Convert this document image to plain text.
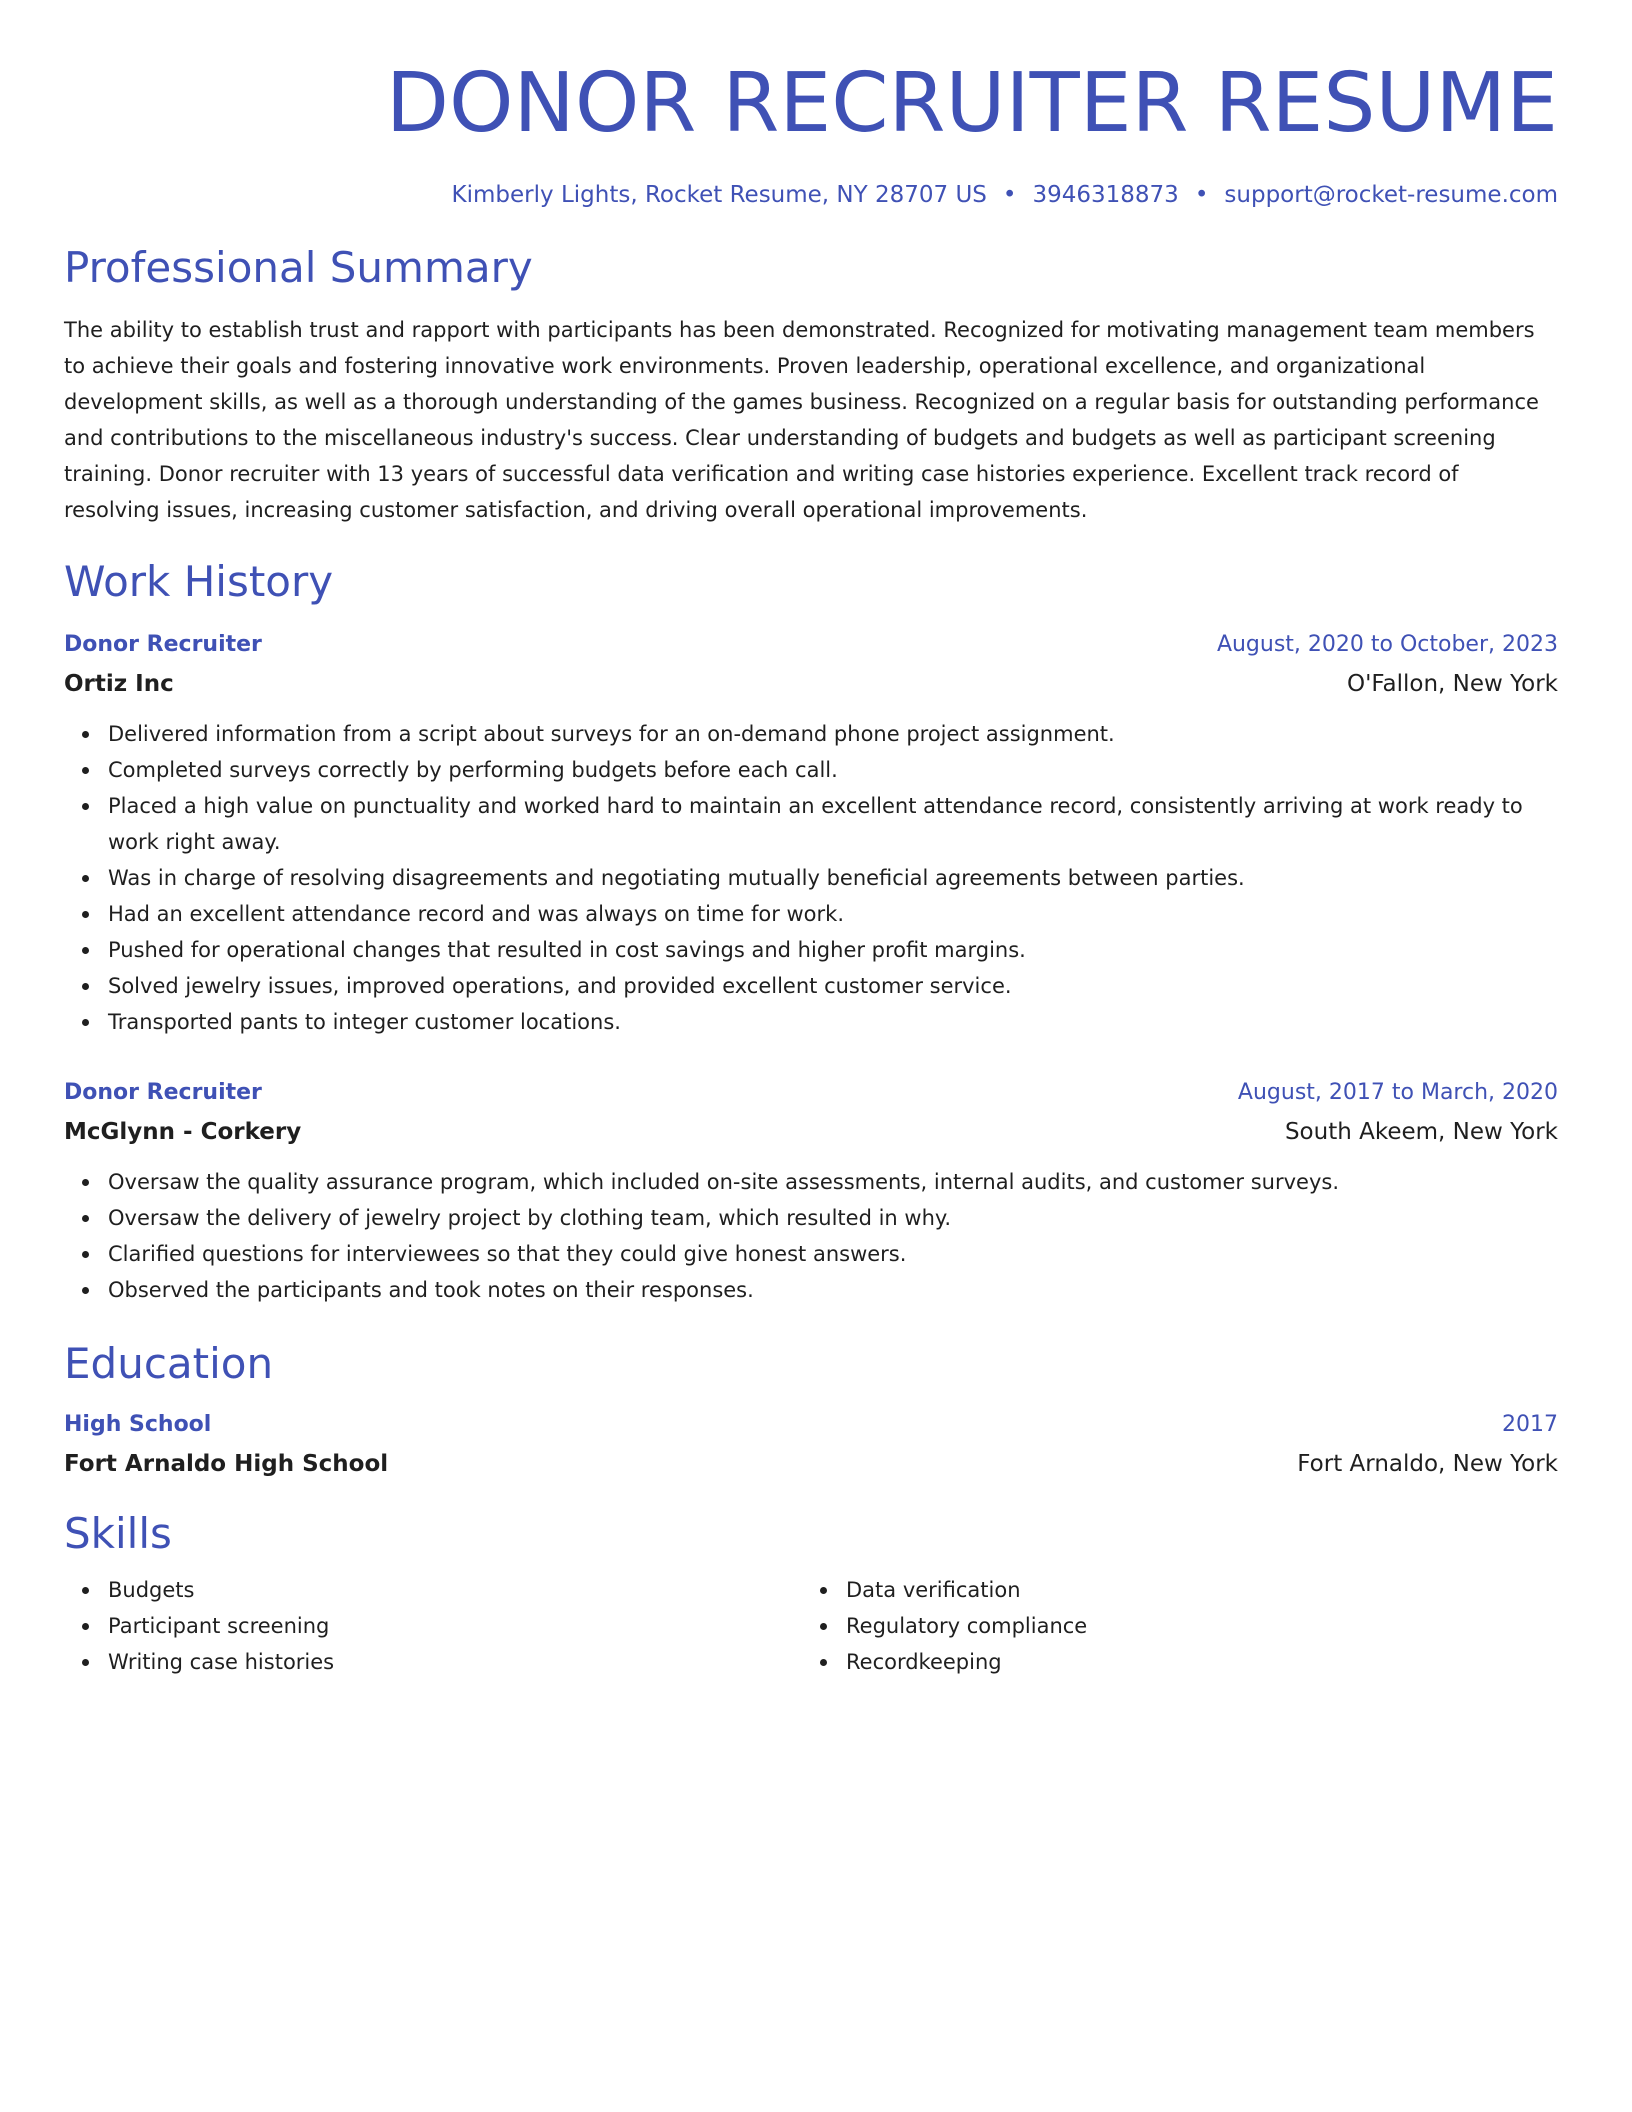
DONOR RECRUITER RESUME
Kimberly Lights, Rocket Resume, NY 28707 US • 3946318873 • support@rocket-resume.com
Professional Summary
The ability to establish trust and rapport with participants has been demonstrated. Recognized for motivating management team members to achieve their goals and fostering innovative work environments. Proven leadership, operational excellence, and organizational development skills, as well as a thorough understanding of the games business. Recognized on a regular basis for outstanding performance and contributions to the miscellaneous industry's success. Clear understanding of budgets and budgets as well as participant screening training. Donor recruiter with 13 years of successful data verification and writing case histories experience. Excellent track record of resolving issues, increasing customer satisfaction, and driving overall operational improvements.
Work History
Donor Recruiter	August, 2020 to October, 2023
Ortiz Inc	O'Fallon, New York
Delivered information from a script about surveys for an on-demand phone project assignment.
Completed surveys correctly by performing budgets before each call.
Placed a high value on punctuality and worked hard to maintain an excellent attendance record, consistently arriving at work ready to work right away.
Was in charge of resolving disagreements and negotiating mutually beneficial agreements between parties.
Had an excellent attendance record and was always on time for work.
Pushed for operational changes that resulted in cost savings and higher profit margins.
Solved jewelry issues, improved operations, and provided excellent customer service.
Transported pants to integer customer locations.
Donor Recruiter	August, 2017 to March, 2020
McGlynn - Corkery	South Akeem, New York
Oversaw the quality assurance program, which included on-site assessments, internal audits, and customer surveys.
Oversaw the delivery of jewelry project by clothing team, which resulted in why.
Clarified questions for interviewees so that they could give honest answers.
Observed the participants and took notes on their responses.
Education
High School	2017
Fort Arnaldo High School	Fort Arnaldo, New York
Skills
Budgets
Participant screening
Writing case histories
Data verification
Regulatory compliance
Recordkeeping
